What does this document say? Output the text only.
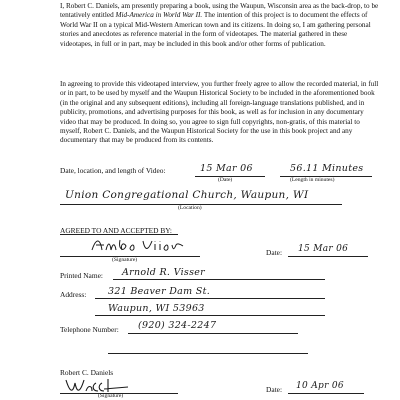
I, Robert C. Daniels, am presently preparing a book, using the Waupun, Wisconsin area as the back-drop, to be tentatively entitled Mid-America in World War II. The intention of this project is to document the effects of World War II on a typical Mid-Western American town and its citizens. In doing so, I am gathering personal stories and anecdotes as reference material in the form of videotapes. The material gathered in these videotapes, in full or in part, may be included in this book and/or other forms of publication.

In agreeing to provide this videotaped interview, you further freely agree to allow the recorded material, in full or in part, to be used by myself and the Waupun Historical Society to be included in the aforementioned book (in the original and any subsequent editions), including all foreign-language translations published, and in publicity, promotions, and advertising purposes for this book, as well as for inclusion in any documentary video that may be produced. In doing so, you agree to sign full copyrights, non-gratis, of this material to myself, Robert C. Daniels, and the Waupun Historical Society for the use in this book project and any documentary that may be produced from its contents.

Date, location, and length of Video:	15 Mar 06
(Date)
56.11 Minutes
(Length in minutes)
Union Congregational Church, Waupun, WI
(Location)
AGREED TO AND ACCEPTED BY:
(Signature)
Date: 15 Mar 06
Printed Name: Arnold R. Visser
Address: 321 Beaver Dam St.
Waupun, WI 53963
Telephone Number: (920) 324-2247
Robert C. Daniels
(Signature)
Date: 10 Apr 06
